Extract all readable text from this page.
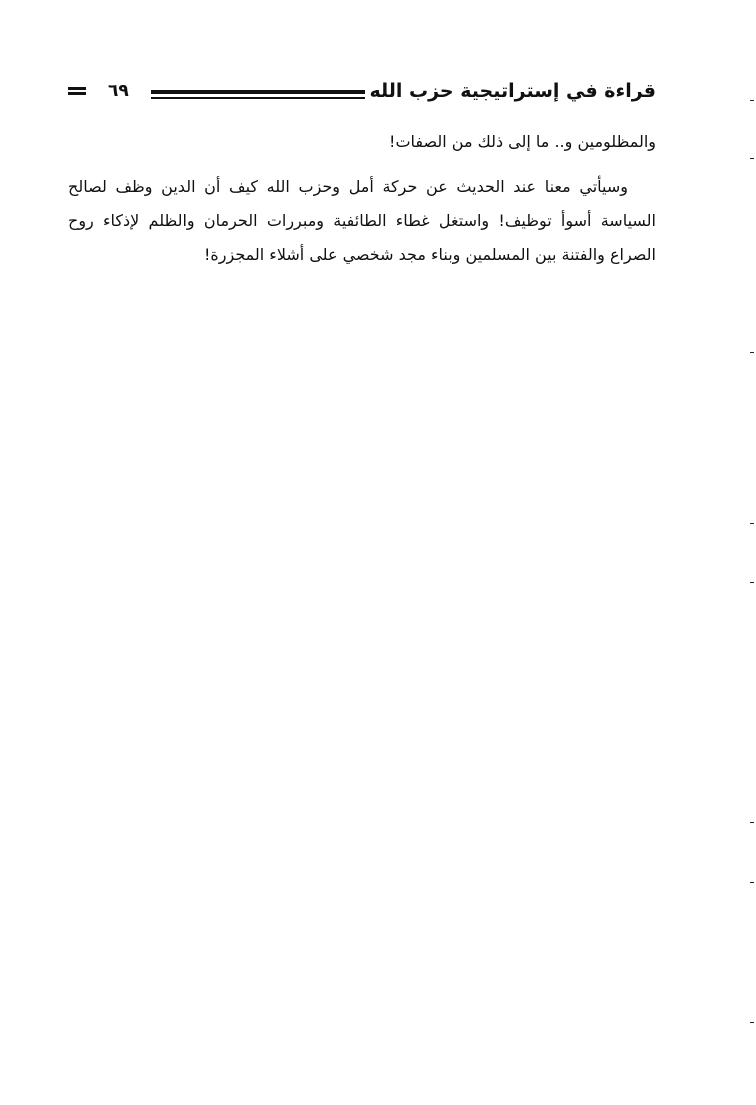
٦٩	قراءة في إستراتيجية حزب الله

والمظلومين و.. ما إلى ذلك من الصفات!

وسيأتي معنا عند الحديث عن حركة أمل وحزب الله كيف أن الدين وظف لصالح السياسة أسوأ توظيف! واستغل غطاء الطائفية ومبررات الحرمان والظلم لإذكاء روح الصراع والفتنة بين المسلمين وبناء مجد شخصي على أشلاء المجزرة!
